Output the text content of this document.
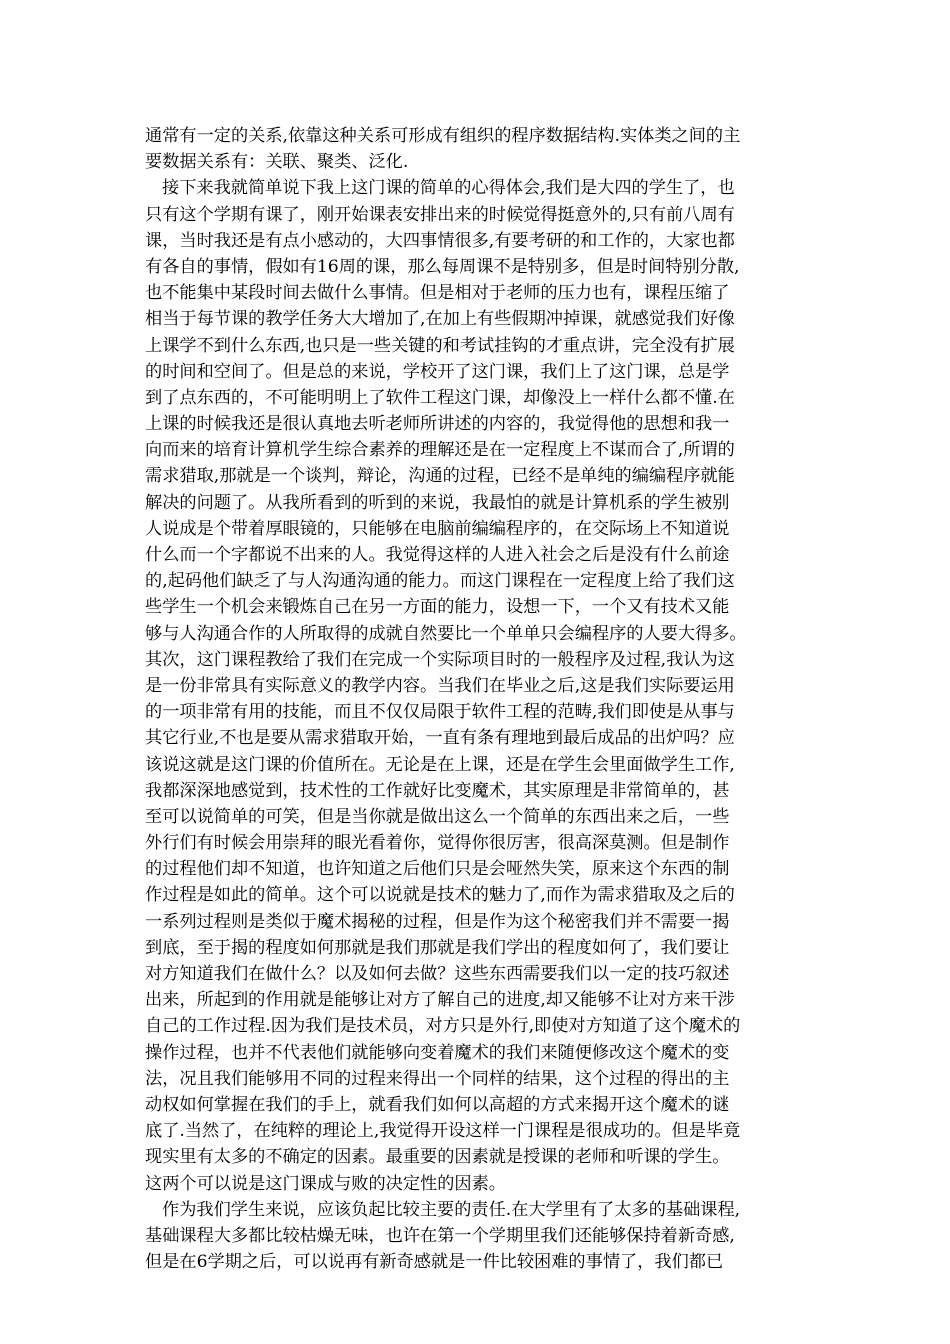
通常有一定的关系,依靠这种关系可形成有组织的程序数据结构.实体类之间的主
要数据关系有：关联、聚类、泛化.
接下来我就简单说下我上这门课的简单的心得体会,我们是大四的学生了，也
只有这个学期有课了，刚开始课表安排出来的时候觉得挺意外的,只有前八周有
课，当时我还是有点小感动的，大四事情很多,有要考研的和工作的，大家也都
有各自的事情，假如有16周的课，那么每周课不是特别多，但是时间特别分散,
也不能集中某段时间去做什么事情。但是相对于老师的压力也有，课程压缩了
相当于每节课的教学任务大大增加了,在加上有些假期冲掉课，就感觉我们好像
上课学不到什么东西,也只是一些关键的和考试挂钩的才重点讲，完全没有扩展
的时间和空间了。但是总的来说，学校开了这门课，我们上了这门课，总是学
到了点东西的，不可能明明上了软件工程这门课，却像没上一样什么都不懂.在
上课的时候我还是很认真地去听老师所讲述的内容的，我觉得他的思想和我一
向而来的培育计算机学生综合素养的理解还是在一定程度上不谋而合了,所谓的
需求猎取,那就是一个谈判，辩论，沟通的过程，已经不是单纯的编编程序就能
解决的问题了。从我所看到的听到的来说，我最怕的就是计算机系的学生被别
人说成是个带着厚眼镜的，只能够在电脑前编编程序的，在交际场上不知道说
什么而一个字都说不出来的人。我觉得这样的人进入社会之后是没有什么前途
的,起码他们缺乏了与人沟通沟通的能力。而这门课程在一定程度上给了我们这
些学生一个机会来锻炼自己在另一方面的能力，设想一下，一个又有技术又能
够与人沟通合作的人所取得的成就自然要比一个单单只会编程序的人要大得多。
其次，这门课程教给了我们在完成一个实际项目时的一般程序及过程,我认为这
是一份非常具有实际意义的教学内容。当我们在毕业之后,这是我们实际要运用
的一项非常有用的技能，而且不仅仅局限于软件工程的范畴,我们即使是从事与
其它行业,不也是要从需求猎取开始，一直有条有理地到最后成品的出炉吗？应
该说这就是这门课的价值所在。无论是在上课，还是在学生会里面做学生工作,
我都深深地感觉到，技术性的工作就好比变魔术，其实原理是非常简单的，甚
至可以说简单的可笑，但是当你就是做出这么一个简单的东西出来之后，一些
外行们有时候会用崇拜的眼光看着你，觉得你很厉害，很高深莫测。但是制作
的过程他们却不知道，也许知道之后他们只是会哑然失笑，原来这个东西的制
作过程是如此的简单。这个可以说就是技术的魅力了,而作为需求猎取及之后的
一系列过程则是类似于魔术揭秘的过程，但是作为这个秘密我们并不需要一揭
到底，至于揭的程度如何那就是我们那就是我们学出的程度如何了，我们要让
对方知道我们在做什么？以及如何去做？这些东西需要我们以一定的技巧叙述
出来，所起到的作用就是能够让对方了解自己的进度,却又能够不让对方来干涉
自己的工作过程.因为我们是技术员，对方只是外行,即使对方知道了这个魔术的
操作过程，也并不代表他们就能够向变着魔术的我们来随便修改这个魔术的变
法，况且我们能够用不同的过程来得出一个同样的结果，这个过程的得出的主
动权如何掌握在我们的手上，就看我们如何以高超的方式来揭开这个魔术的谜
底了.当然了，在纯粹的理论上,我觉得开设这样一门课程是很成功的。但是毕竟
现实里有太多的不确定的因素。最重要的因素就是授课的老师和听课的学生。
这两个可以说是这门课成与败的决定性的因素。
作为我们学生来说，应该负起比较主要的责任.在大学里有了太多的基础课程,
基础课程大多都比较枯燥无味，也许在第一个学期里我们还能够保持着新奇感,
但是在6学期之后，可以说再有新奇感就是一件比较困难的事情了，我们都已
